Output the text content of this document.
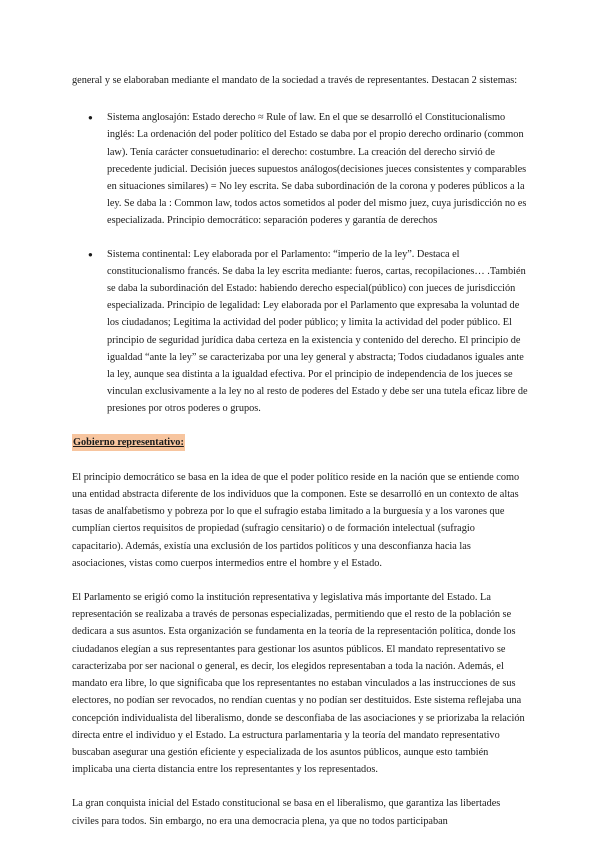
general y se elaboraban mediante el mandato de la sociedad a través de representantes. Destacan 2 sistemas:

● Sistema anglosajón: Estado derecho ≈ Rule of law. En el que se desarrolló el Constitucionalismo inglés: La ordenación del poder político del Estado se daba por el propio derecho ordinario (common law). Tenía carácter consuetudinario: el derecho: costumbre. La creación del derecho sirvió de precedente judicial. Decisión jueces supuestos análogos(decisiones jueces consistentes y comparables en situaciones similares) = No ley escrita. Se daba subordinación de la corona y poderes públicos a la ley. Se daba la : Common law, todos actos sometidos al poder del mismo juez, cuya jurisdicción no es especializada. Principio democrático: separación poderes y garantía de derechos
● Sistema continental: Ley elaborada por el Parlamento: “imperio de la ley”. Destaca el constitucionalismo francés. Se daba la ley escrita mediante: fueros, cartas, recopilaciones… .También se daba la subordinación del Estado: habiendo derecho especial(público) con jueces de jurisdicción especializada. Principio de legalidad: Ley elaborada por el Parlamento que expresaba la voluntad de los ciudadanos; Legitima la actividad del poder público; y limita la actividad del poder público. El principio de seguridad jurídica daba certeza en la existencia y contenido del derecho. El principio de igualdad “ante la ley” se caracterizaba por una ley general y abstracta; Todos ciudadanos iguales ante la ley, aunque sea distinta a la igualdad efectiva. Por el principio de independencia de los jueces se vinculan exclusivamente a la ley no al resto de poderes del Estado y debe ser una tutela eficaz libre de presiones por otros poderes o grupos.
Gobierno representativo:

El principio democrático se basa en la idea de que el poder político reside en la nación que se entiende como una entidad abstracta diferente de los individuos que la componen. Este se desarrolló en un contexto de altas tasas de analfabetismo y pobreza por lo que el sufragio estaba limitado a la burguesía y a los varones que cumplían ciertos requisitos de propiedad (sufragio censitario) o de formación intelectual (sufragio capacitario). Además, existía una exclusión de los partidos políticos y una desconfianza hacia las asociaciones, vistas como cuerpos intermedios entre el hombre y el Estado.

El Parlamento se erigió como la institución representativa y legislativa más importante del Estado. La representación se realizaba a través de personas especializadas, permitiendo que el resto de la población se dedicara a sus asuntos. Esta organización se fundamenta en la teoría de la representación política, donde los ciudadanos elegían a sus representantes para gestionar los asuntos públicos. El mandato representativo se caracterizaba por ser nacional o general, es decir, los elegidos representaban a toda la nación. Además, el mandato era libre, lo que significaba que los representantes no estaban vinculados a las instrucciones de sus electores, no podían ser revocados, no rendían cuentas y no podían ser destituidos. Este sistema reflejaba una concepción individualista del liberalismo, donde se desconfiaba de las asociaciones y se priorizaba la relación directa entre el individuo y el Estado. La estructura parlamentaria y la teoría del mandato representativo buscaban asegurar una gestión eficiente y especializada de los asuntos públicos, aunque esto también implicaba una cierta distancia entre los representantes y los representados.

La gran conquista inicial del Estado constitucional se basa en el liberalismo, que garantiza las libertades civiles para todos. Sin embargo, no era una democracia plena, ya que no todos participaban
